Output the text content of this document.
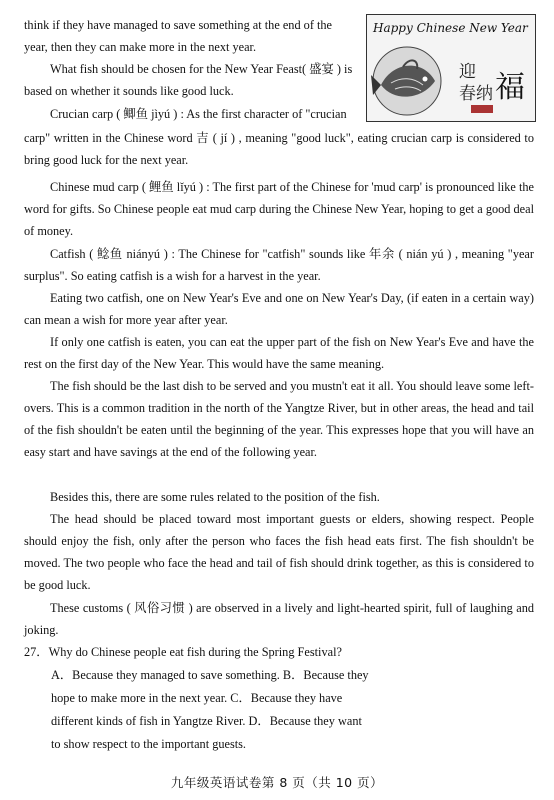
Happy Chinese New Year
迎
春纳 福

think if they have managed to save something at the end of the year, then they can make more in the next year.

What fish should be chosen for the New Year Feast( 盛宴 ) is based on whether it sounds like good luck.

Crucian carp ( 鲫鱼 jìyú ) : As the first character of "crucian

carp" written in the Chinese word 吉 ( jí ) , meaning "good luck", eating crucian carp is considered to bring good luck for the next year.

Chinese mud carp ( 鲤鱼 lǐyú ) : The first part of the Chinese for 'mud carp' is pronounced like the word for gifts. So Chinese people eat mud carp during the Chinese New Year, hoping to get a good deal of money.

Catfish ( 鲶鱼 niányú ) : The Chinese for "catfish" sounds like 年余 ( nián yú ) , meaning "year surplus". So eating catfish is a wish for a harvest in the year.

Eating two catfish, one on New Year's Eve and one on New Year's Day, (if eaten in a certain way) can mean a wish for more year after year.

If only one catfish is eaten, you can eat the upper part of the fish on New Year's Eve and have the rest on the first day of the New Year. This would have the same meaning.

The fish should be the last dish to be served and you mustn't eat it all. You should leave some left-overs. This is a common tradition in the north of the Yangtze River, but in other areas, the head and tail of the fish shouldn't be eaten until the beginning of the year. This expresses hope that you will have an easy start and have savings at the end of the following year.

Besides this, there are some rules related to the position of the fish.

The head should be placed toward most important guests or elders, showing respect. People should enjoy the fish, only after the person who faces the fish head eats first. The fish shouldn't be moved. The two people who face the head and tail of fish should drink together, as this is considered to be good luck.

These customs ( 风俗习惯 ) are observed in a lively and light-hearted spirit, full of laughing and joking.

27．Why do Chinese people eat fish during the Spring Festival?
A．Because they managed to save something. B．Because they
hope to make more in the next year. C．Because they have
different kinds of fish in Yangtze River. D．Because they want
to show respect to the important guests.
九年级英语试卷第 8 页（共 10 页）
